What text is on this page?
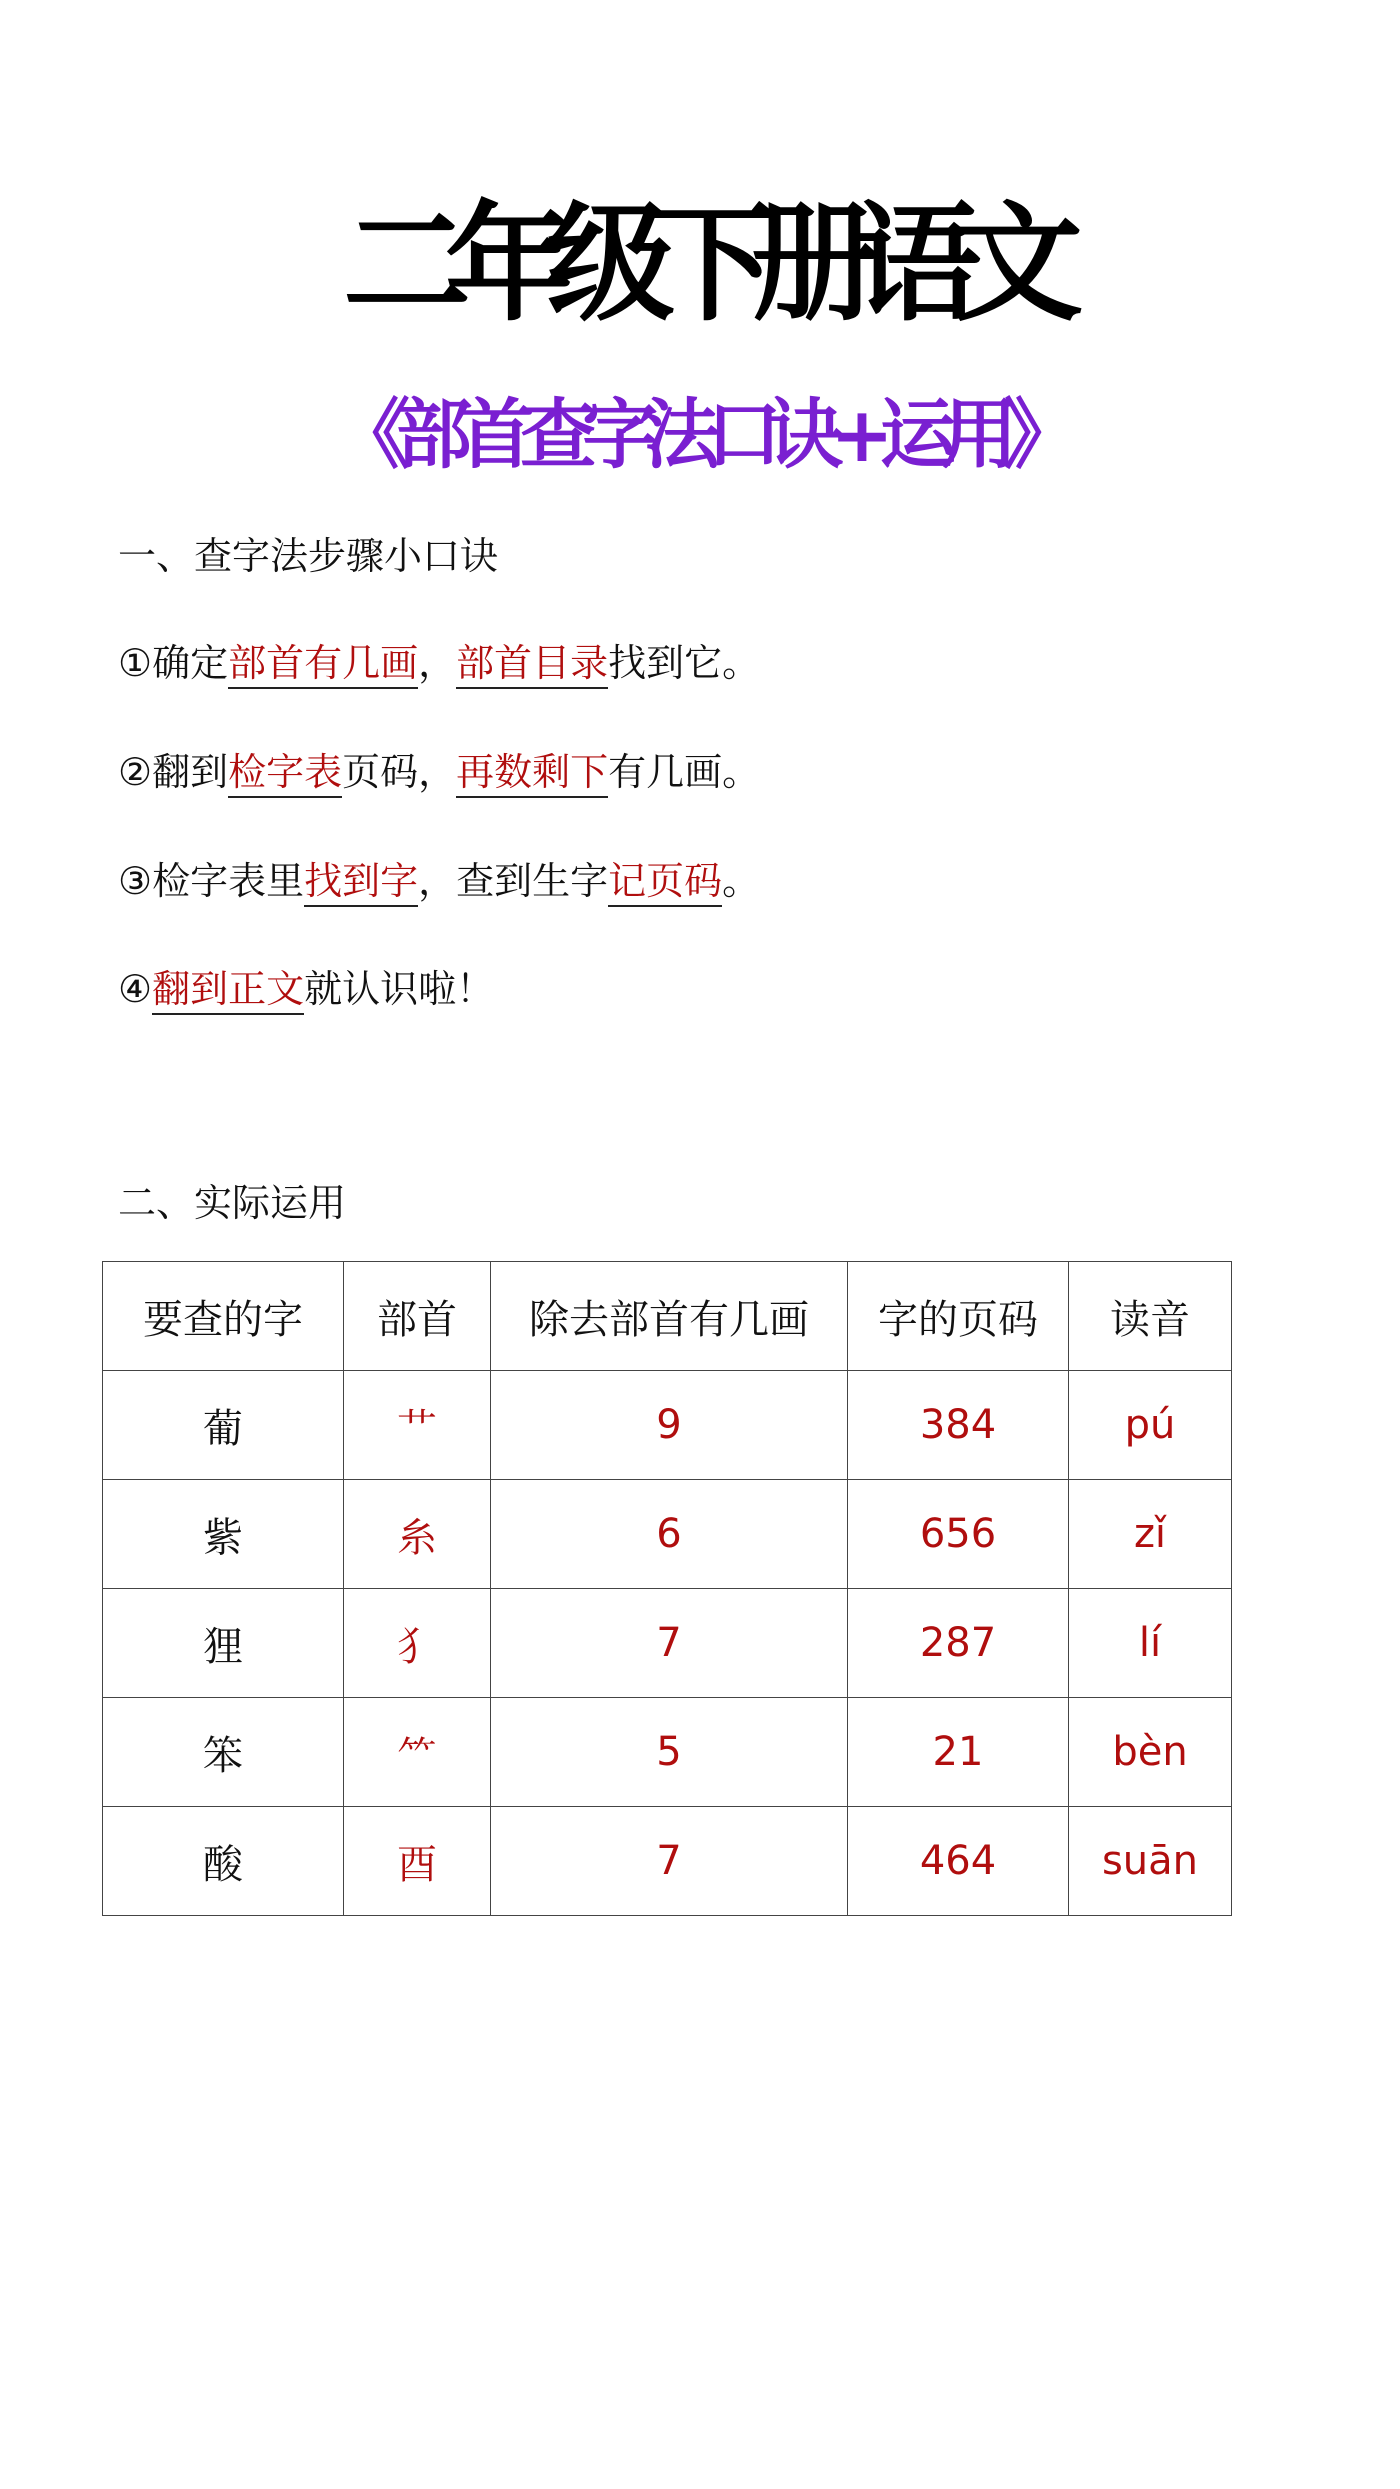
二年级下册语文
《部首查字法口诀+运用》
一、查字法步骤小口诀
①确定部首有几画，部首目录找到它。
②翻到检字表页码，再数剩下有几画。
③检字表里找到字，查到生字记页码。
④翻到正文就认识啦！
二、实际运用
要查的字	部首	除去部首有几画	字的页码	读音
葡	艹	9	384	pú
紫	糸	6	656	zǐ
狸	犭	7	287	lí
笨	⺮	5	21	bèn
酸	酉	7	464	suān
